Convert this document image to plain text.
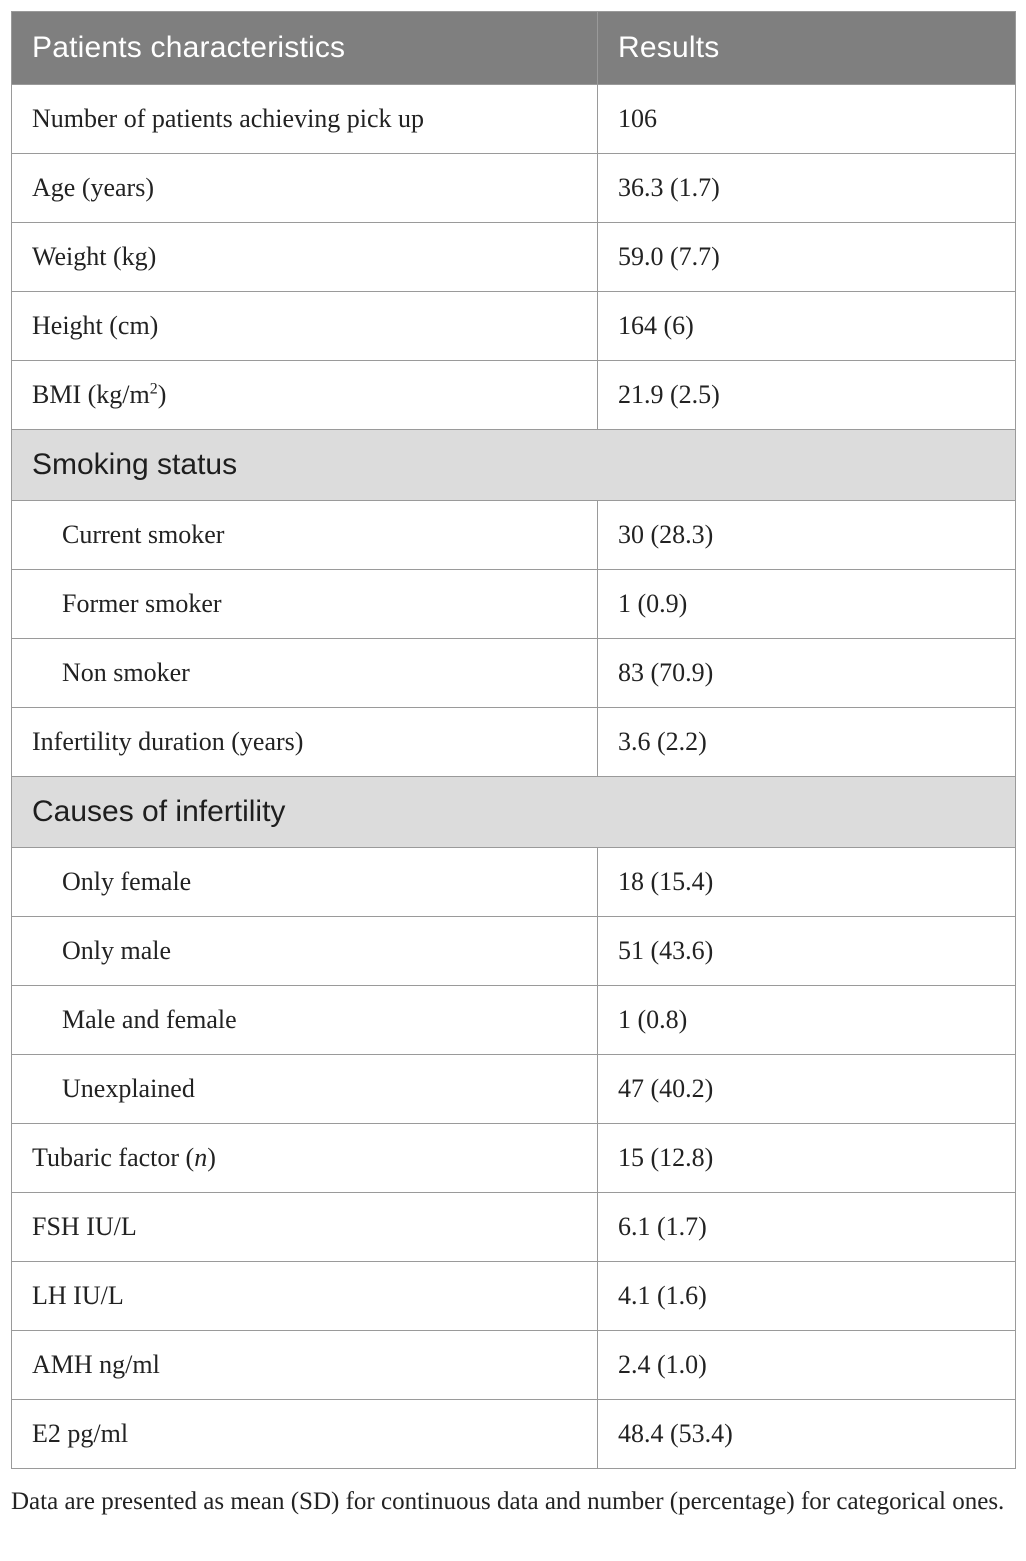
Patients characteristics	Results
Number of patients achieving pick up	106
Age (years)	36.3 (1.7)
Weight (kg)	59.0 (7.7)
Height (cm)	164 (6)
BMI $(kg/m^2)$	21.9 (2.5)
Smoking status	
Current smoker	30 (28.3)
Former smoker	1 (0.9)
Non smoker	83 (70.9)
Infertility duration (years)	3.6 (2.2)
Causes of infertility	
Only female	18 (15.4)
Only male	51 (43.6)
Male and female	1 (0.8)
Unexplained	47 (40.2)
Tubaric factor (n)	15 (12.8)
FSH IU/L	6.1 (1.7)
LH IU/L	4.1 (1.6)
AMH ng/ml	2.4 (1.0)
E2 pg/ml	48.4 (53.4)

Data are presented as mean (SD) for continuous data and number (percentage) for categorical ones.
